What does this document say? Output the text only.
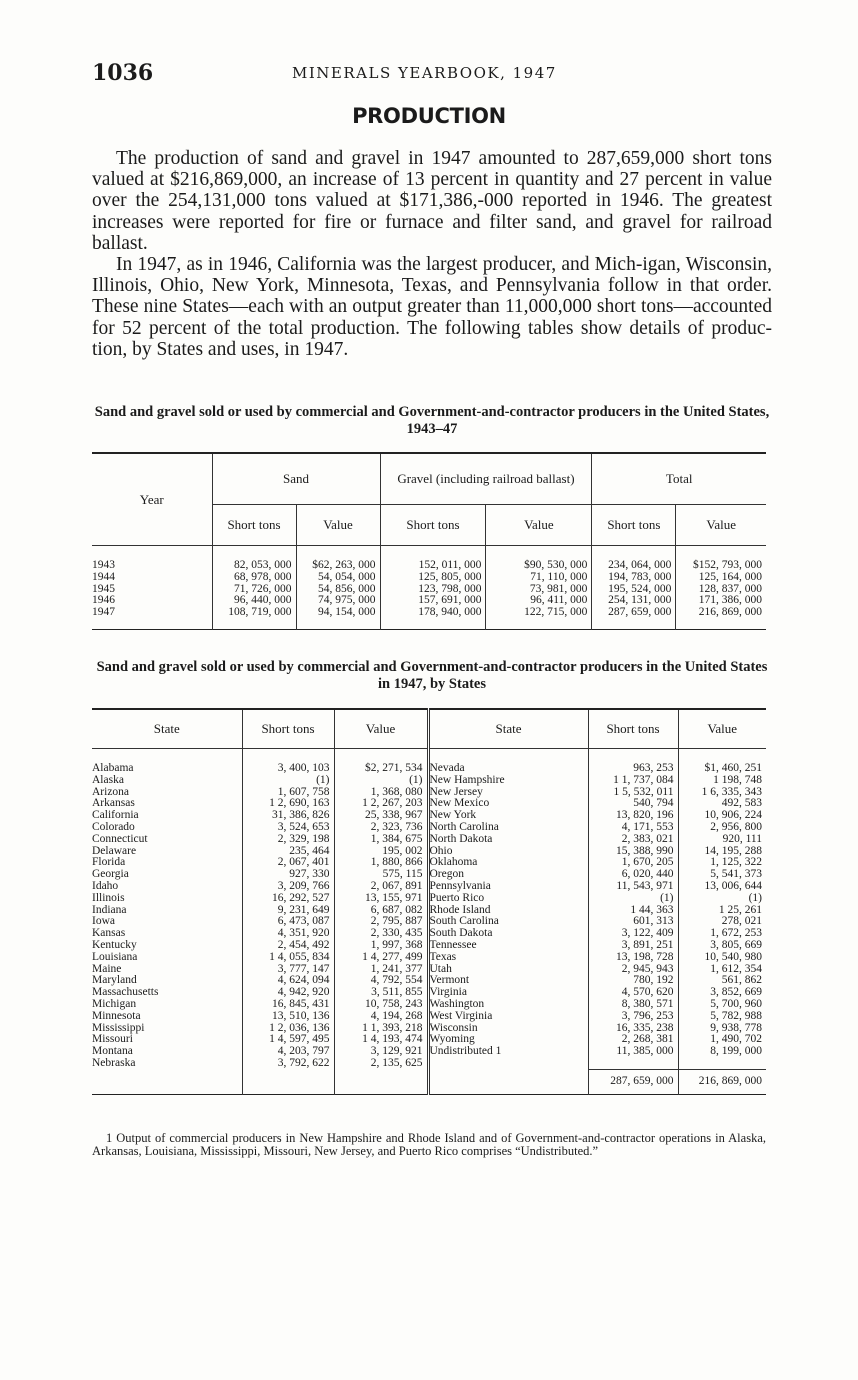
1036	MINERALS YEARBOOK, 1947
PRODUCTION

The production of sand and gravel in 1947 amounted to 287,659,000 short tons valued at $216,869,000, an increase of 13 percent in quantity and 27 percent in value over the 254,131,000 tons valued at $171,386,-000 reported in 1946. The greatest increases were reported for fire or furnace and filter sand, and gravel for railroad ballast.

In 1947, as in 1946, California was the largest producer, and Mich-igan, Wisconsin, Illinois, Ohio, New York, Minnesota, Texas, and Pennsylvania follow in that order. These nine States—each with an output greater than 11,000,000 short tons—accounted for 52 percent of the total production. The following tables show details of produc-tion, by States and uses, in 1947.

Sand and gravel sold or used by commercial and Government-and-contractor producers in the United States, 1943–47
Year	Sand		Gravel (including railroad ballast)		Total	
	Short tons	Value	Short tons	Value	Short tons	Value
1943	82, 053, 000	$62, 263, 000	152, 011, 000	$90, 530, 000	234, 064, 000	$152, 793, 000
1944	68, 978, 000	54, 054, 000	125, 805, 000	71, 110, 000	194, 783, 000	125, 164, 000
1945	71, 726, 000	54, 856, 000	123, 798, 000	73, 981, 000	195, 524, 000	128, 837, 000
1946	96, 440, 000	74, 975, 000	157, 691, 000	96, 411, 000	254, 131, 000	171, 386, 000
1947	108, 719, 000	94, 154, 000	178, 940, 000	122, 715, 000	287, 659, 000	216, 869, 000
Sand and gravel sold or used by commercial and Government-and-contractor producers in the United States in 1947, by States
State	Short tons	Value	State	Short tons	Value
Alabama	3, 400, 103	$2, 271, 534	Nevada	963, 253	$1, 460, 251
Alaska	(1)	(1)	New Hampshire	1 1, 737, 084	1 198, 748
Arizona	1, 607, 758	1, 368, 080	New Jersey	1 5, 532, 011	1 6, 335, 343
Arkansas	1 2, 690, 163	1 2, 267, 203	New Mexico	540, 794	492, 583
California	31, 386, 826	25, 338, 967	New York	13, 820, 196	10, 906, 224
Colorado	3, 524, 653	2, 323, 736	North Carolina	4, 171, 553	2, 956, 800
Connecticut	2, 329, 198	1, 384, 675	North Dakota	2, 383, 021	920, 111
Delaware	235, 464	195, 002	Ohio	15, 388, 990	14, 195, 288
Florida	2, 067, 401	1, 880, 866	Oklahoma	1, 670, 205	1, 125, 322
Georgia	927, 330	575, 115	Oregon	6, 020, 440	5, 541, 373
Idaho	3, 209, 766	2, 067, 891	Pennsylvania	11, 543, 971	13, 006, 644
Illinois	16, 292, 527	13, 155, 971	Puerto Rico	(1)	(1)
Indiana	9, 231, 649	6, 687, 082	Rhode Island	1 44, 363	1 25, 261
Iowa	6, 473, 087	2, 795, 887	South Carolina	601, 313	278, 021
Kansas	4, 351, 920	2, 330, 435	South Dakota	3, 122, 409	1, 672, 253
Kentucky	2, 454, 492	1, 997, 368	Tennessee	3, 891, 251	3, 805, 669
Louisiana	1 4, 055, 834	1 4, 277, 499	Texas	13, 198, 728	10, 540, 980
Maine	3, 777, 147	1, 241, 377	Utah	2, 945, 943	1, 612, 354
Maryland	4, 624, 094	4, 792, 554	Vermont	780, 192	561, 862
Massachusetts	4, 942, 920	3, 511, 855	Virginia	4, 570, 620	3, 852, 669
Michigan	16, 845, 431	10, 758, 243	Washington	8, 380, 571	5, 700, 960
Minnesota	13, 510, 136	4, 194, 268	West Virginia	3, 796, 253	5, 782, 988
Mississippi	1 2, 036, 136	1 1, 393, 218	Wisconsin	16, 335, 238	9, 938, 778
Missouri	1 4, 597, 495	1 4, 193, 474	Wyoming	2, 268, 381	1, 490, 702
Montana	4, 203, 797	3, 129, 921	Undistributed 1	11, 385, 000	8, 199, 000
Nebraska	3, 792, 622	2, 135, 625			
				287, 659, 000	216, 869, 000
1 Output of commercial producers in New Hampshire and Rhode Island and of Government-and-contractor operations in Alaska, Arkansas, Louisiana, Mississippi, Missouri, New Jersey, and Puerto Rico comprises “Undistributed.”
